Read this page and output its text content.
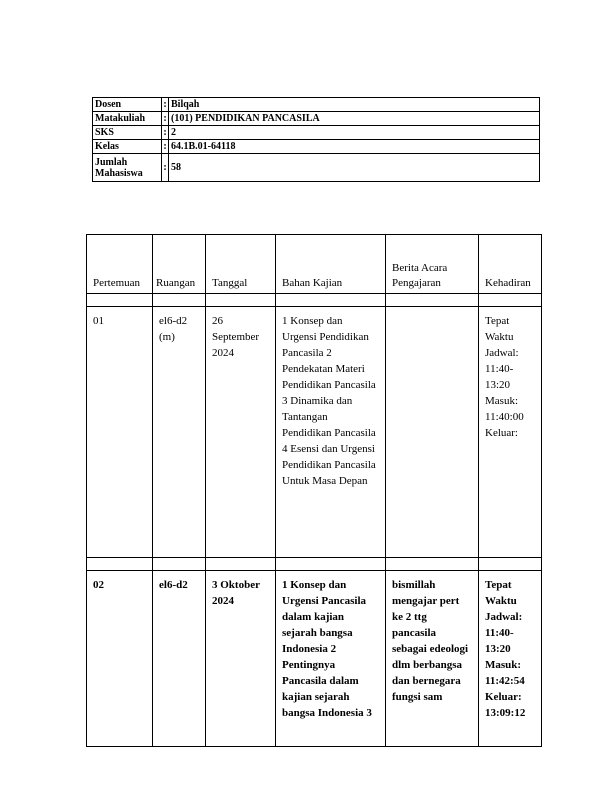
Dosen	:	Bilqah
Matakuliah	:	(101) PENDIDIKAN PANCASILA
SKS	:	2
Kelas	:	64.1B.01-64118
Jumlah
Mahasiswa	:	58
Pertemuan	Ruangan	Tanggal	Bahan Kajian	Berita Acara Pengajaran	Kehadiran

01	el6-d2 (m)	26 September 2024	1 Konsep dan Urgensi Pendidikan Pancasila 2 Pendekatan Materi Pendidikan Pancasila 3 Dinamika dan Tantangan Pendidikan Pancasila 4 Esensi dan Urgensi Pendidikan Pancasila Untuk Masa Depan		Tepat Waktu Jadwal: 11:40-13:20 Masuk: 11:40:00 Keluar:

02	el6-d2	3 Oktober 2024	1 Konsep dan Urgensi Pancasila dalam kajian sejarah bangsa Indonesia 2 Pentingnya Pancasila dalam kajian sejarah bangsa Indonesia 3	bismillah mengajar pert ke 2 ttg pancasila sebagai edeologi dlm berbangsa dan bernegara fungsi sam	Tepat Waktu Jadwal: 11:40-13:20 Masuk: 11:42:54 Keluar: 13:09:12
